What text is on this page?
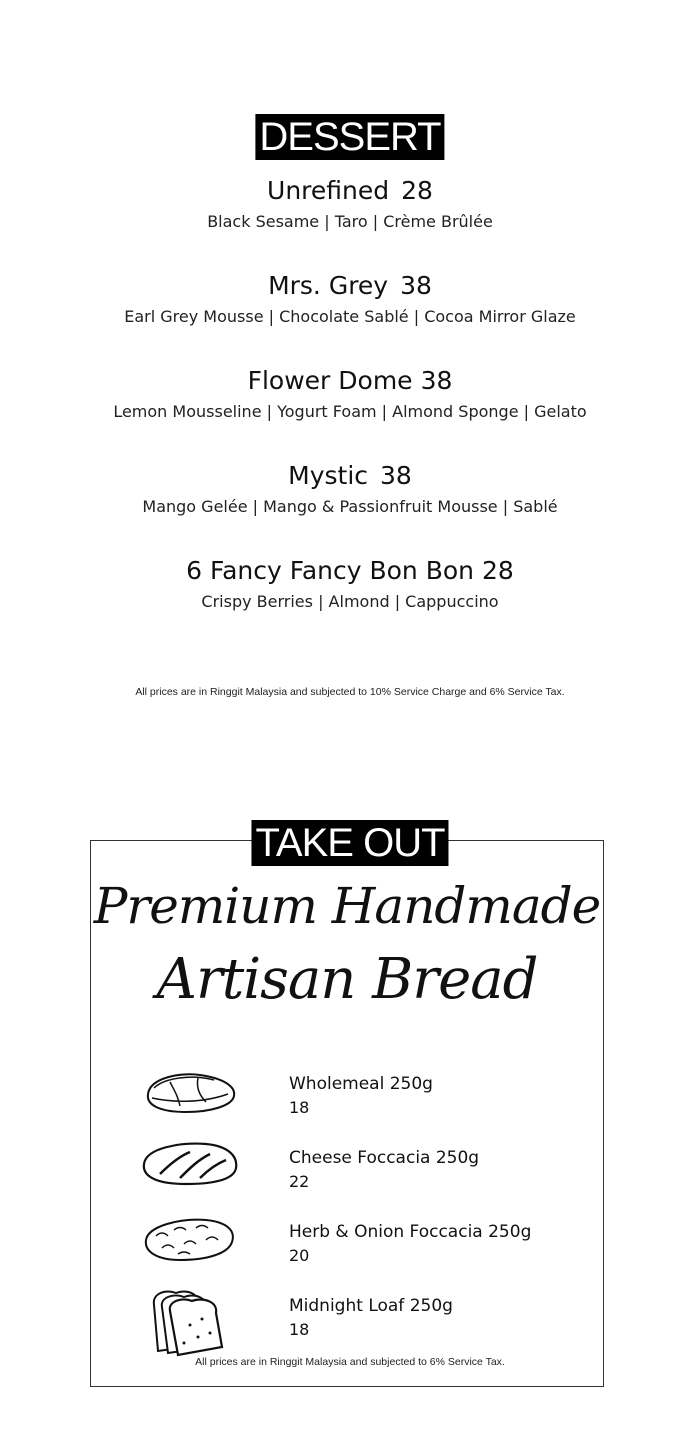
DESSERT
Unrefined 28
Black Sesame | Taro | Crème Brûlée
Mrs. Grey 38
Earl Grey Mousse | Chocolate Sablé | Cocoa Mirror Glaze
Flower Dome 38
Lemon Mousseline | Yogurt Foam | Almond Sponge | Gelato
Mystic 38
Mango Gelée | Mango & Passionfruit Mousse | Sablé
6 Fancy Fancy Bon Bon 28
Crispy Berries | Almond | Cappuccino
All prices are in Ringgit Malaysia and subjected to 10% Service Charge and 6% Service Tax.
TAKE OUT
Premium Handmade
Artisan Bread
Wholemeal 250g
18
Cheese Foccacia 250g
22
Herb & Onion Foccacia 250g
20
Midnight Loaf 250g
18
All prices are in Ringgit Malaysia and subjected to 6% Service Tax.
